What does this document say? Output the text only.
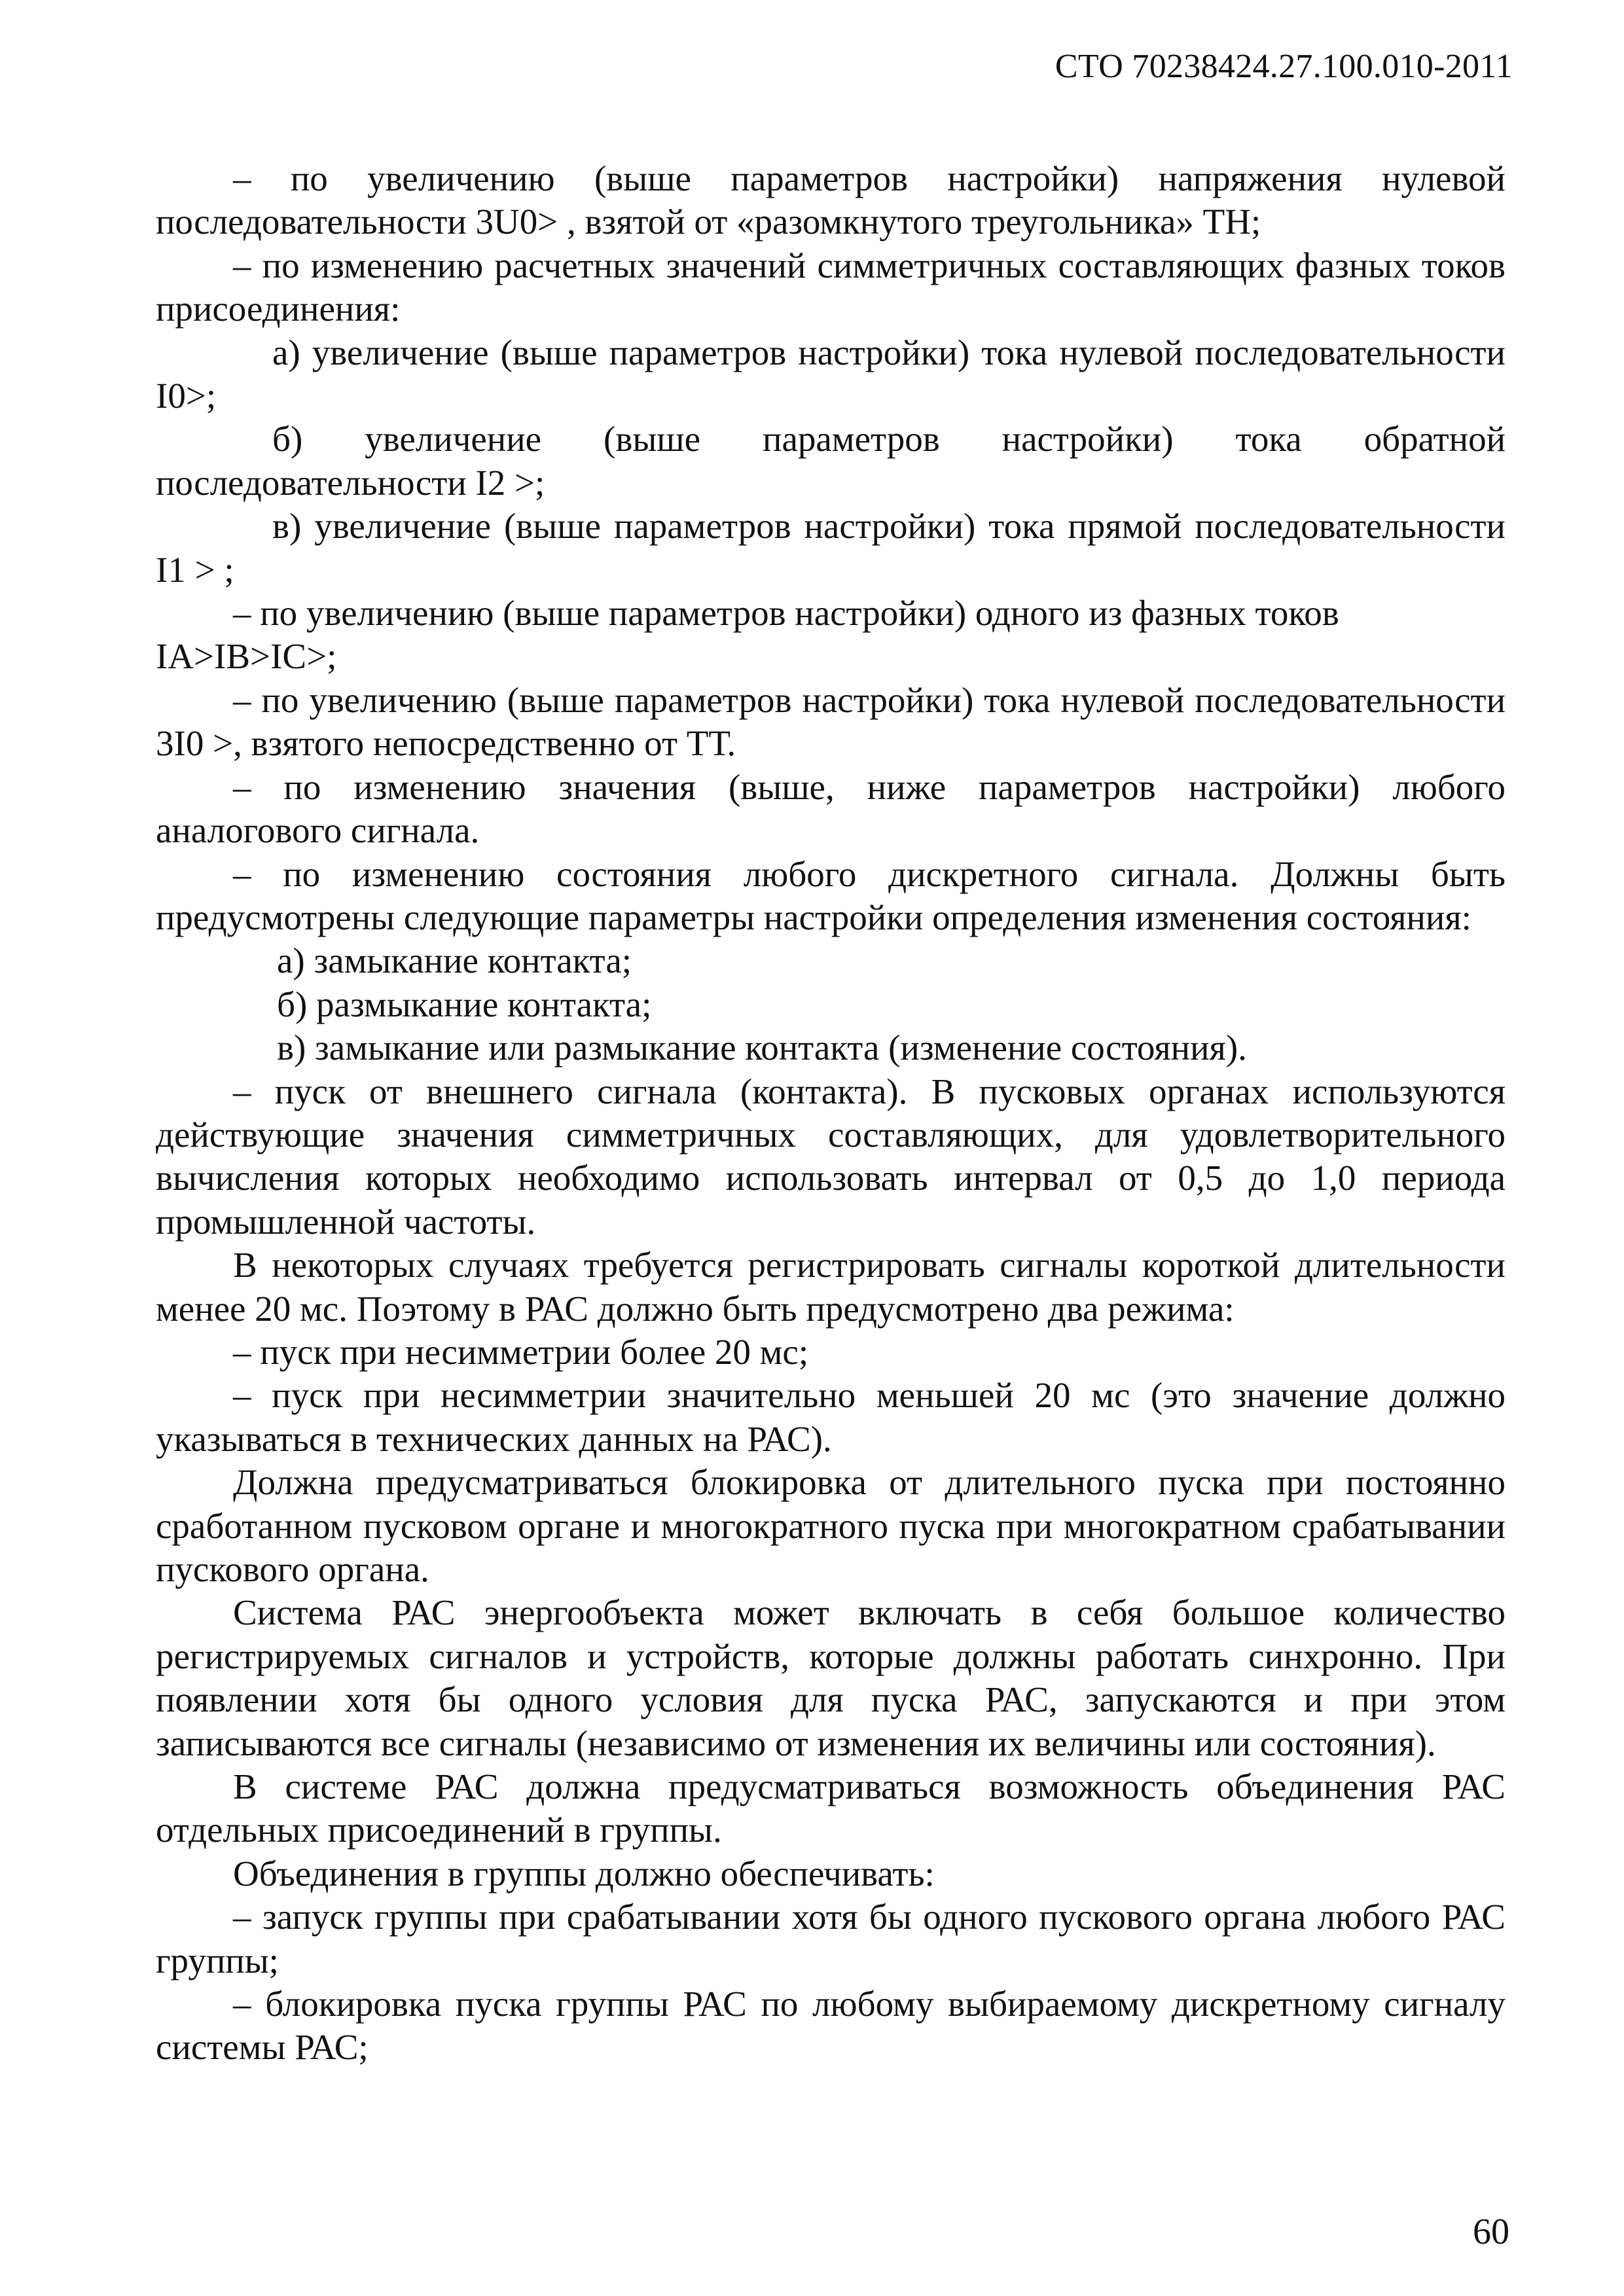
СТО 70238424.27.100.010-2011

– по увеличению (выше параметров настройки) напряжения нулевой последовательности 3U0> , взятой от «разомкнутого треугольника» ТН;

– по изменению расчетных значений симметричных составляющих фазных токов присоединения:

а) увеличение (выше параметров настройки) тока нулевой последовательности I0>;

б) увеличение (выше параметров настройки) тока обратной последовательности I2 >;

в) увеличение (выше параметров настройки) тока прямой последовательности I1 > ;

– по увеличению (выше параметров настройки) одного из фазных токов

IA>IB>IC>;

– по увеличению (выше параметров настройки) тока нулевой последовательности 3I0 >, взятого непосредственно от ТТ.

– по изменению значения (выше, ниже параметров настройки) любого аналогового сигнала.

– по изменению состояния любого дискретного сигнала. Должны быть предусмотрены следующие параметры настройки определения изменения состояния:

а) замыкание контакта;

б) размыкание контакта;

в) замыкание или размыкание контакта (изменение состояния).

– пуск от внешнего сигнала (контакта). В пусковых органах используются действующие значения симметричных составляющих, для удовлетворительного вычисления которых необходимо использовать интервал от 0,5 до 1,0 периода промышленной частоты.

В некоторых случаях требуется регистрировать сигналы короткой длительности менее 20 мс. Поэтому в РАС должно быть предусмотрено два режима:

– пуск при несимметрии более 20 мс;

– пуск при несимметрии значительно меньшей 20 мс (это значение должно указываться в технических данных на РАС).

Должна предусматриваться блокировка от длительного пуска при постоянно сработанном пусковом органе и многократного пуска при многократном срабатывании пускового органа.

Система РАС энергообъекта может включать в себя большое количество регистрируемых сигналов и устройств, которые должны работать синхронно. При появлении хотя бы одного условия для пуска РАС, запускаются и при этом записываются все сигналы (независимо от изменения их величины или состояния).

В системе РАС должна предусматриваться возможность объединения РАС отдельных присоединений в группы.

Объединения в группы должно обеспечивать:

– запуск группы при срабатывании хотя бы одного пускового органа любого РАС группы;

– блокировка пуска группы РАС по любому выбираемому дискретному сигналу системы РАС;

60
